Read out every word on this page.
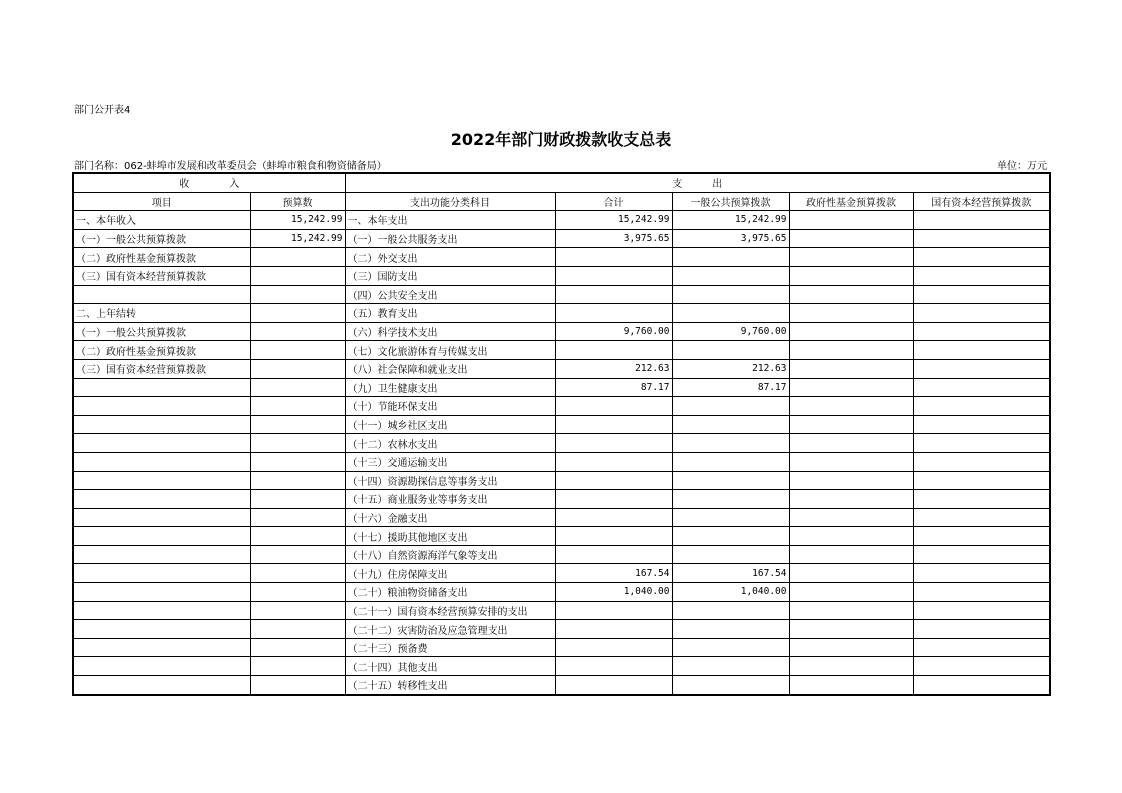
部门公开表4
2022年部门财政拨款收支总表
部门名称：062-蚌埠市发展和改革委员会（蚌埠市粮食和物资储备局）	单位：万元
收　　　　入		支　　　出				
项目	预算数	支出功能分类科目	合计	一般公共预算拨款	政府性基金预算拨款	国有资本经营预算拨款
一、本年收入	15,242.99	一、本年支出	15,242.99	15,242.99		
（一）一般公共预算拨款	15,242.99	（一）一般公共服务支出	3,975.65	3,975.65		
（二）政府性基金预算拨款		（二）外交支出				
（三）国有资本经营预算拨款		（三）国防支出				
		（四）公共安全支出				
二、上年结转		（五）教育支出				
（一）一般公共预算拨款		（六）科学技术支出	9,760.00	9,760.00		
（二）政府性基金预算拨款		（七）文化旅游体育与传媒支出				
（三）国有资本经营预算拨款		（八）社会保障和就业支出	212.63	212.63		
		（九）卫生健康支出	87.17	87.17		
		（十）节能环保支出				
		（十一）城乡社区支出				
		（十二）农林水支出				
		（十三）交通运输支出				
		（十四）资源勘探信息等事务支出				
		（十五）商业服务业等事务支出				
		（十六）金融支出				
		（十七）援助其他地区支出				
		（十八）自然资源海洋气象等支出				
		（十九）住房保障支出	167.54	167.54		
		（二十）粮油物资储备支出	1,040.00	1,040.00		
		（二十一）国有资本经营预算安排的支出				
		（二十二）灾害防治及应急管理支出				
		（二十三）预备费				
		（二十四）其他支出				
		（二十五）转移性支出				
